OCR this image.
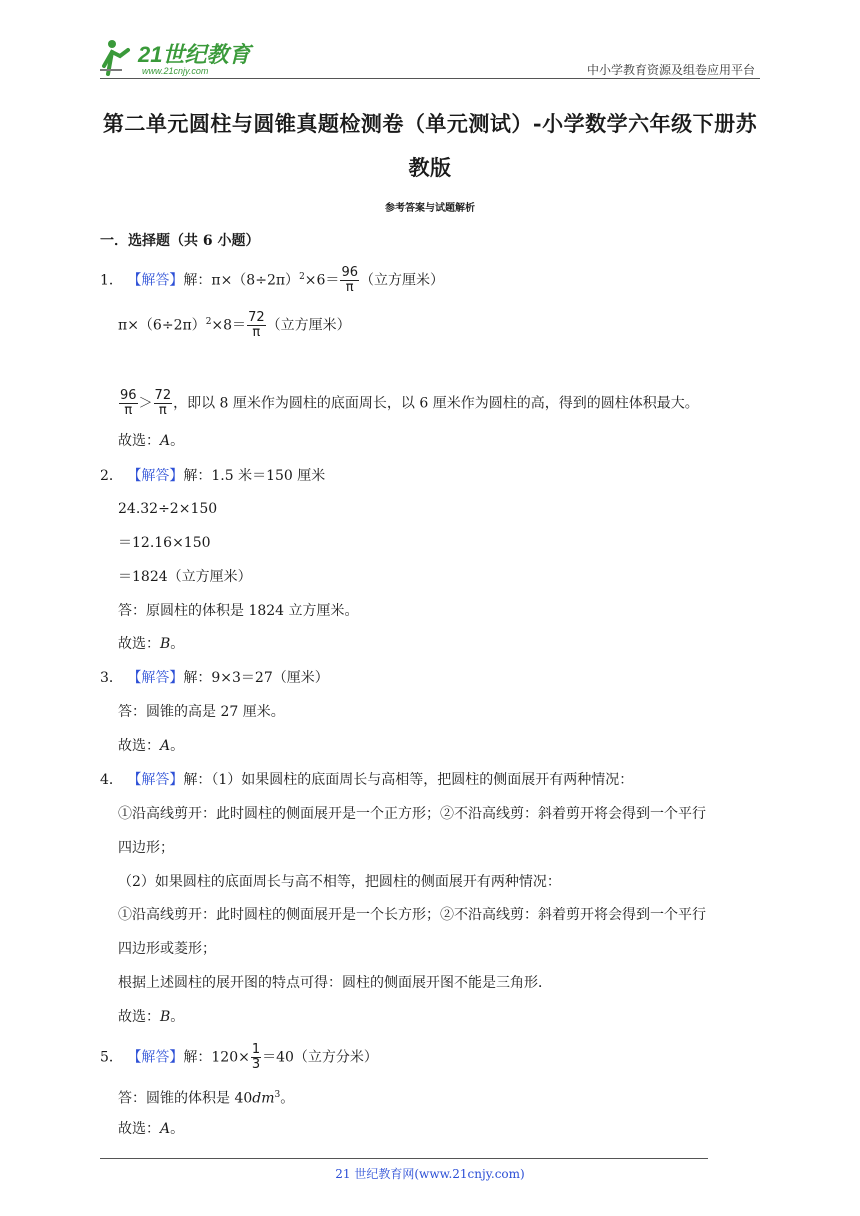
21世纪教育
www.21cnjy.com	中小学教育资源及组卷应用平台
第二单元圆柱与圆锥真题检测卷（单元测试）-小学数学六年级下册苏
教版
参考答案与试题解析
一．选择题（共 6 小题）
1． 【解答】解：$\pi\times(8\div 2\pi)^2\times 6= \frac{96}{\pi}$ （立方厘米）
$\pi\times(6\div 2\pi)^2\times 8= \frac{72}{\pi}$ （立方厘米）
$\frac{96}{\pi} > \frac{72}{\pi}$ ，即以 8 厘米作为圆柱的底面周长，以 6 厘米作为圆柱的高，得到的圆柱体积最大。
故选：A。
2． 【解答】解：1.5 米＝150 厘米
24.32÷2×150
＝12.16×150
＝1824（立方厘米）
答：原圆柱的体积是 1824 立方厘米。
故选：B。
3． 【解答】解：9×3＝27（厘米）
答：圆锥的高是 27 厘米。
故选：A。
4． 【解答】解：（1）如果圆柱的底面周长与高相等，把圆柱的侧面展开有两种情况：
①沿高线剪开：此时圆柱的侧面展开是一个正方形；②不沿高线剪：斜着剪开将会得到一个平行
四边形；
（2）如果圆柱的底面周长与高不相等，把圆柱的侧面展开有两种情况：
①沿高线剪开：此时圆柱的侧面展开是一个长方形；②不沿高线剪：斜着剪开将会得到一个平行
四边形或菱形；
根据上述圆柱的展开图的特点可得：圆柱的侧面展开图不能是三角形．
故选：B。
5． 【解答】解：$120\times \frac{1}{3} =40$（立方分米）
答：圆锥的体积是 $40dm^3$。
故选：A。
21 世纪教育网(www.21cnjy.com)
